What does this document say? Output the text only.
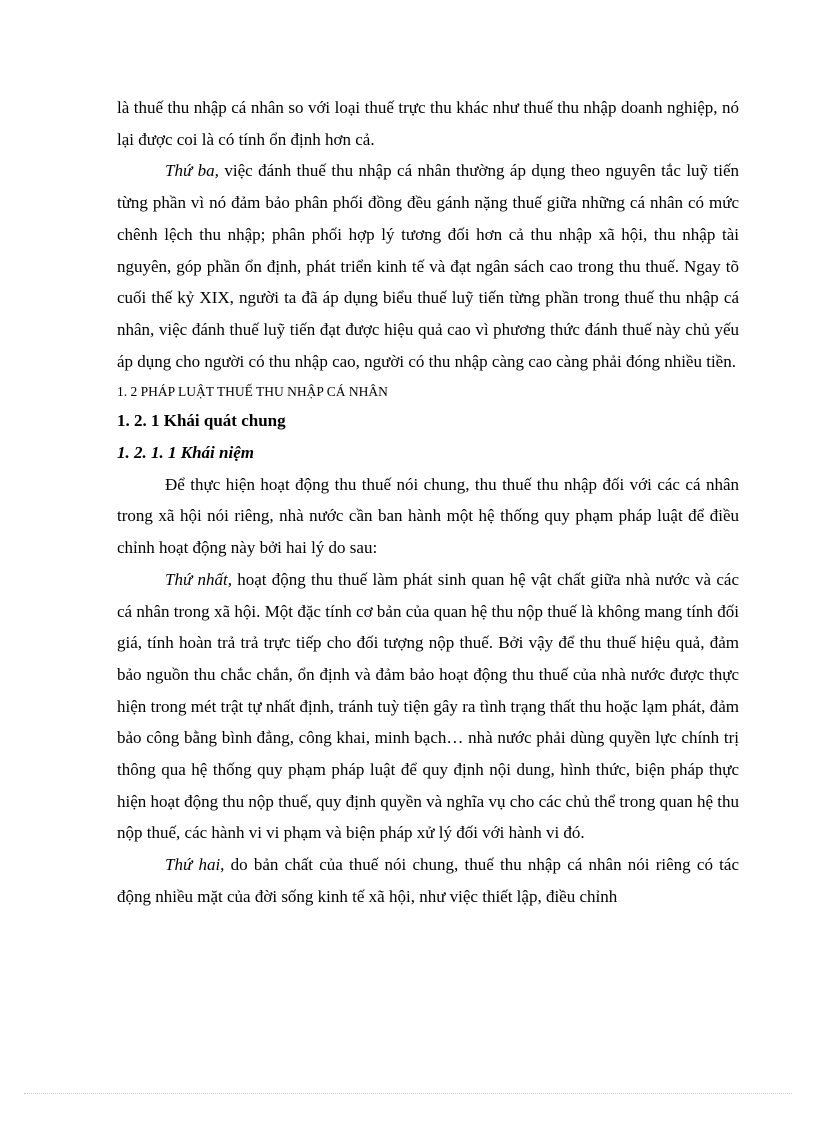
là thuế thu nhập cá nhân so với loại thuế trực thu khác như thuế thu nhập doanh nghiệp, nó lại được coi là có tính ổn định hơn cả.

Thứ ba, việc đánh thuế thu nhập cá nhân thường áp dụng theo nguyên tắc luỹ tiến từng phần vì nó đảm bảo phân phối đồng đều gánh nặng thuế giữa những cá nhân có mức chênh lệch thu nhập; phân phối hợp lý tương đối hơn cả thu nhập xã hội, thu nhập tài nguyên, góp phần ổn định, phát triển kinh tế và đạt ngân sách cao trong thu thuế. Ngay tõ cuối thế kỷ XIX, người ta đã áp dụng biểu thuế luỹ tiến từng phần trong thuế thu nhập cá nhân, việc đánh thuế luỹ tiến đạt được hiệu quả cao vì phương thức đánh thuế này chủ yếu áp dụng cho người có thu nhập cao, người có thu nhập càng cao càng phải đóng nhiều tiền.

1. 2 PHÁP LUẬT THUẾ THU NHẬP CÁ NHÂN

1. 2. 1 Khái quát chung

1. 2. 1. 1 Khái niệm

Để thực hiện hoạt động thu thuế nói chung, thu thuế thu nhập đối với các cá nhân trong xã hội nói riêng, nhà nước cần ban hành một hệ thống quy phạm pháp luật để điều chỉnh hoạt động này bởi hai lý do sau:

Thứ nhất, hoạt động thu thuế làm phát sinh quan hệ vật chất giữa nhà nước và các cá nhân trong xã hội. Một đặc tính cơ bản của quan hệ thu nộp thuế là không mang tính đối giá, tính hoàn trả trả trực tiếp cho đối tượng nộp thuế. Bởi vậy để thu thuế hiệu quả, đảm bảo nguồn thu chắc chắn, ổn định và đảm bảo hoạt động thu thuế của nhà nước được thực hiện trong mét trật tự nhất định, tránh tuỳ tiện gây ra tình trạng thất thu hoặc lạm phát, đảm bảo công bằng bình đẳng, công khai, minh bạch… nhà nước phải dùng quyền lực chính trị thông qua hệ thống quy phạm pháp luật để quy định nội dung, hình thức, biện pháp thực hiện hoạt động thu nộp thuế, quy định quyền và nghĩa vụ cho các chủ thể trong quan hệ thu nộp thuế, các hành vi vi phạm và biện pháp xử lý đối với hành vi đó.

Thứ hai, do bản chất của thuế nói chung, thuế thu nhập cá nhân nói riêng có tác động nhiều mặt của đời sống kinh tế xã hội, như việc thiết lập, điều chỉnh
